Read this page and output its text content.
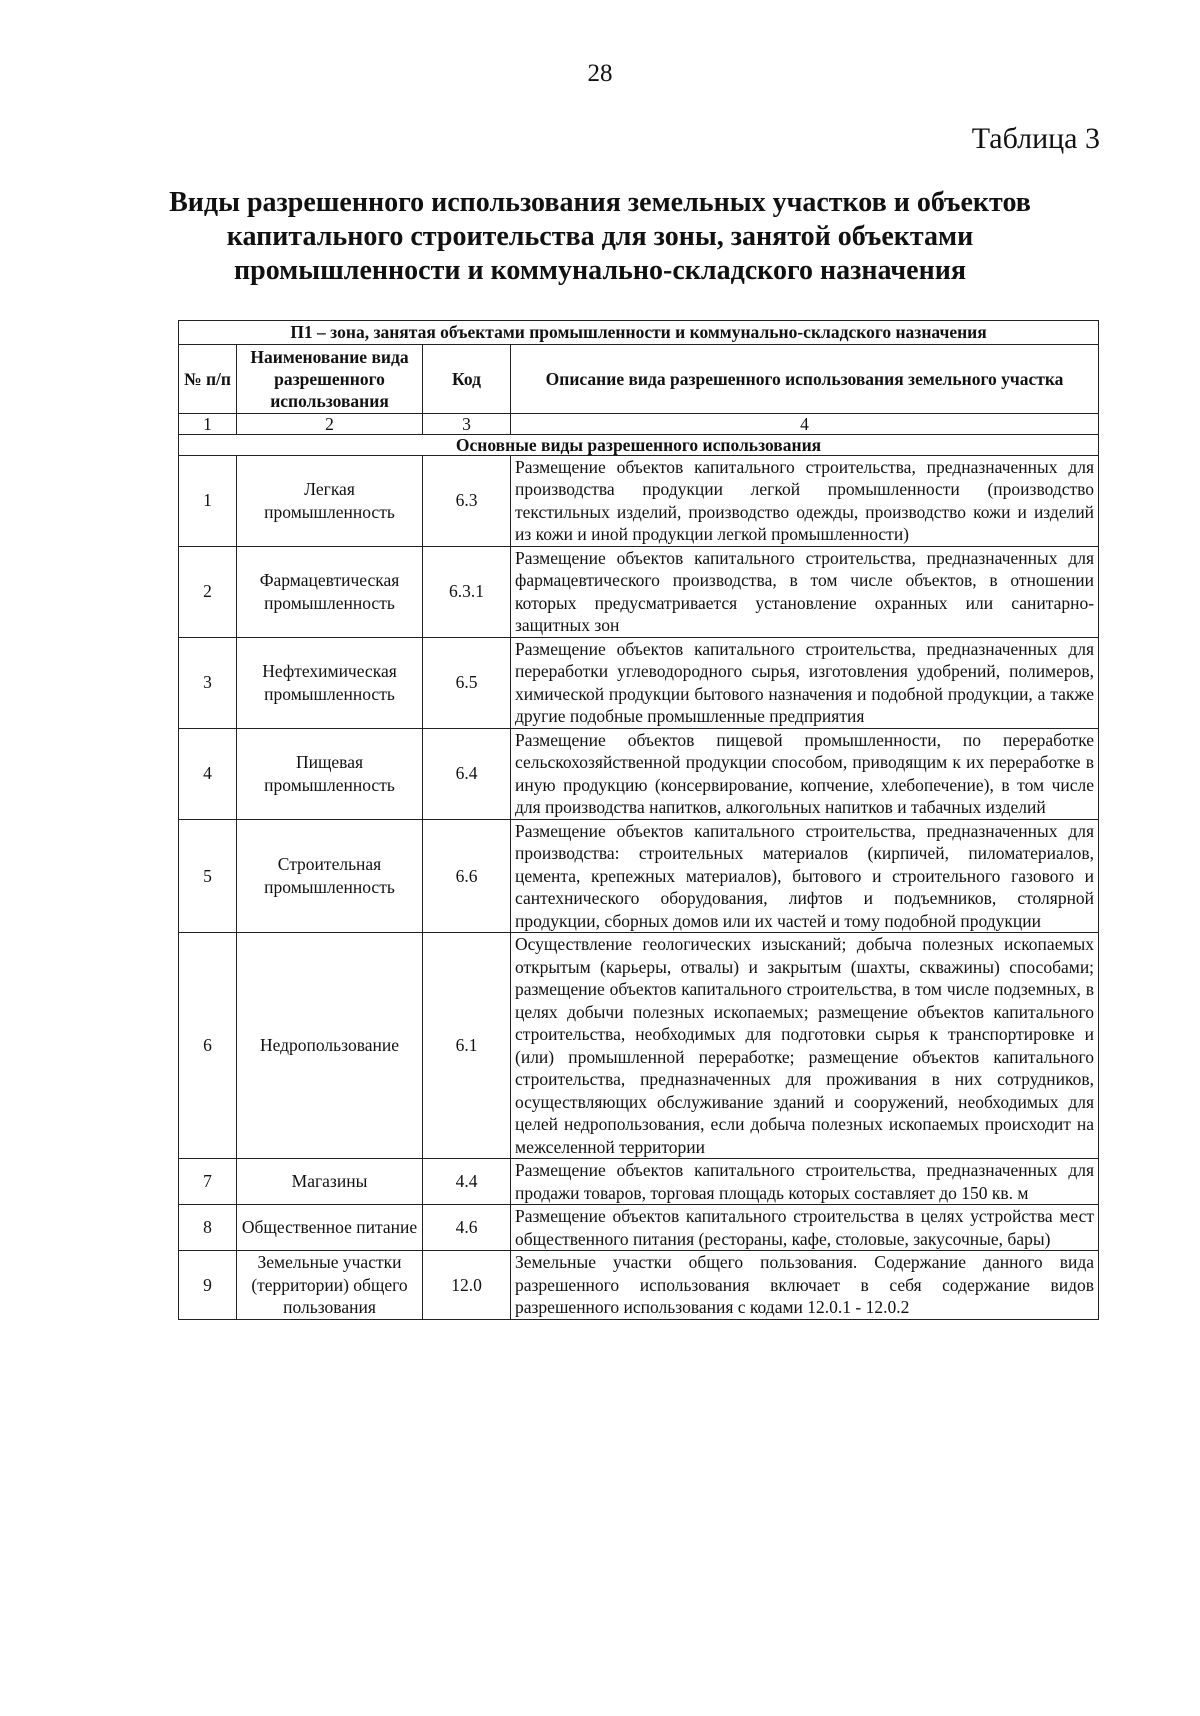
28
Таблица 3
Виды разрешенного использования земельных участков и объектов
капитального строительства для зоны, занятой объектами
промышленности и коммунально-складского назначения
П1 – зона, занятая объектами промышленности и коммунально-складского назначения			
№ п/п	Наименование вида разрешенного использования	Код	Описание вида разрешенного использования земельного участка
1	2	3	4
Основные виды разрешенного использования			
1	Легкая промышленность	6.3	Размещение объектов капитального строительства, предназначенных для производства продукции легкой промышленности (производство текстильных изделий, производство одежды, производство кожи и изделий из кожи и иной продукции легкой промышленности)
2	Фармацевтическая промышленность	6.3.1	Размещение объектов капитального строительства, предназначенных для фармацевтического производства, в том числе объектов, в отношении которых предусматривается установление охранных или санитарно-защитных зон
3	Нефтехимическая промышленность	6.5	Размещение объектов капитального строительства, предназначенных для переработки углеводородного сырья, изготовления удобрений, полимеров, химической продукции бытового назначения и подобной продукции, а также другие подобные промышленные предприятия
4	Пищевая промышленность	6.4	Размещение объектов пищевой промышленности, по переработке сельскохозяйственной продукции способом, приводящим к их переработке в иную продукцию (консервирование, копчение, хлебопечение), в том числе для производства напитков, алкогольных напитков и табачных изделий
5	Строительная промышленность	6.6	Размещение объектов капитального строительства, предназначенных для производства: строительных материалов (кирпичей, пиломатериалов, цемента, крепежных материалов), бытового и строительного газового и сантехнического оборудования, лифтов и подъемников, столярной продукции, сборных домов или их частей и тому подобной продукции
6	Недропользование	6.1	Осуществление геологических изысканий; добыча полезных ископаемых открытым (карьеры, отвалы) и закрытым (шахты, скважины) способами; размещение объектов капитального строительства, в том числе подземных, в целях добычи полезных ископаемых; размещение объектов капитального строительства, необходимых для подготовки сырья к транспортировке и (или) промышленной переработке; размещение объектов капитального строительства, предназначенных для проживания в них сотрудников, осуществляющих обслуживание зданий и сооружений, необходимых для целей недропользования, если добыча полезных ископаемых происходит на межселенной территории
7	Магазины	4.4	Размещение объектов капитального строительства, предназначенных для продажи товаров, торговая площадь которых составляет до 150 кв. м
8	Общественное питание	4.6	Размещение объектов капитального строительства в целях устройства мест общественного питания (рестораны, кафе, столовые, закусочные, бары)
9	Земельные участки (территории) общего пользования	12.0	Земельные участки общего пользования. Содержание данного вида разрешенного использования включает в себя содержание видов разрешенного использования с кодами 12.0.1 - 12.0.2
